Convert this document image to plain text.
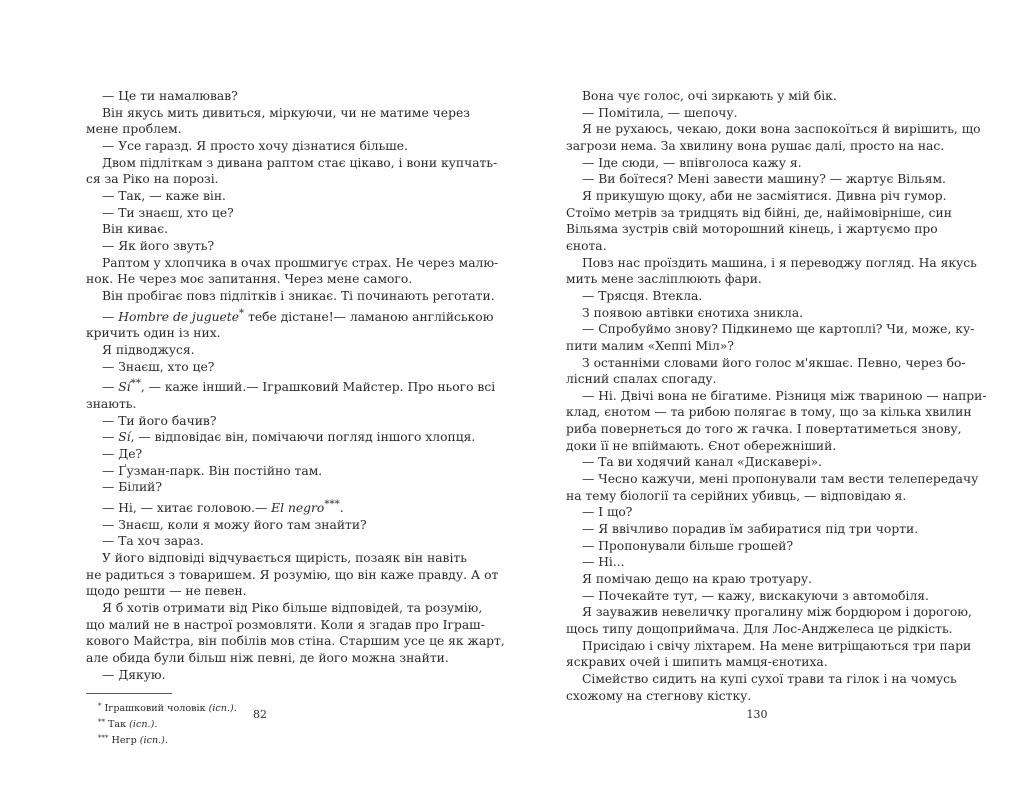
— Це ти намалював?

Він якусь мить дивиться, міркуючи, чи не матиме через

мене проблем.

— Усе гаразд. Я просто хочу дізнатися більше.

Двом підліткам з дивана раптом стає цікаво, і вони купчать-

ся за Ріко на порозі.

— Так, — каже він.

— Ти знаєш, хто це?

Він киває.

— Як його звуть?

Раптом у хлопчика в очах прошмигує страх. Не через малю-

нок. Не через моє запитання. Через мене самого.

Він пробігає повз підлітків і зникає. Ті починають реготати.

— Hombre de juguete* тебе дістане!— ламаною англійською

кричить один із них.

Я підводжуся.

— Знаєш, хто це?

— Sí**, — каже інший.— Іграшковий Майстер. Про нього всі

знають.

— Ти його бачив?

— Sí, — відповідає він, помічаючи погляд іншого хлопця.

— Де?

— Ґузман-парк. Він постійно там.

— Білий?

— Ні, — хитає головою.— El negro***.

— Знаєш, коли я можу його там знайти?

— Та хоч зараз.

У його відповіді відчувається щирість, позаяк він навіть

не радиться з товаришем. Я розумію, що він каже правду. А от

щодо решти — не певен.

Я б хотів отримати від Ріко більше відповідей, та розумію,

що малий не в настрої розмовляти. Коли я згадав про Іграш-

кового Майстра, він побілів мов стіна. Старшим усе це як жарт,

але обида були більш ніж певні, де його можна знайти.

— Дякую.

* Іграшковий чоловік (ісп.).

** Так (ісп.).

*** Негр (ісп.).

82

Вона чує голос, очі зиркають у мій бік.

— Помітила, — шепочу.

Я не рухаюсь, чекаю, доки вона заспокоїться й вирішить, що

загрози нема. За хвилину вона рушає далі, просто на нас.

— Іде сюди, — впівголоса кажу я.

— Ви боїтеся? Мені завести машину? — жартує Вільям.

Я прикушую щоку, аби не засміятися. Дивна річ гумор.

Стоїмо метрів за тридцять від бійні, де, найімовірніше, син

Вільяма зустрів свій моторошний кінець, і жартуємо про

єнота.

Повз нас проїздить машина, і я переводжу погляд. На якусь

мить мене засліплюють фари.

— Трясця. Втекла.

З появою автівки єнотиха зникла.

— Спробуймо знову? Підкинемо ще картоплі? Чи, може, ку-

пити малим «Хеппі Міл»?

З останніми словами його голос м'якшає. Певно, через бо-

лісний спалах спогаду.

— Ні. Двічі вона не бігатиме. Різниця між твариною — напри-

клад, єнотом — та рибою полягає в тому, що за кілька хвилин

риба повернеться до того ж гачка. І повертатиметься знову,

доки її не впіймають. Єнот обережніший.

— Та ви ходячий канал «Дискавері».

— Чесно кажучи, мені пропонували там вести телепередачу

на тему біології та серійних убивць, — відповідаю я.

— І що?

— Я ввічливо порадив їм забиратися під три чорти.

— Пропонували більше грошей?

— Ні...

Я помічаю дещо на краю тротуару.

— Почекайте тут, — кажу, вискакуючи з автомобіля.

Я зауважив невеличку прогалину між бордюром і дорогою,

щось типу дощоприймача. Для Лос-Анджелеса це рідкість.

Присідаю і свічу ліхтарем. На мене витріщаються три пари

яскравих очей і шипить мамця-єнотиха.

Сімейство сидить на купі сухої трави та гілок і на чомусь

схожому на стегнову кістку.

130
